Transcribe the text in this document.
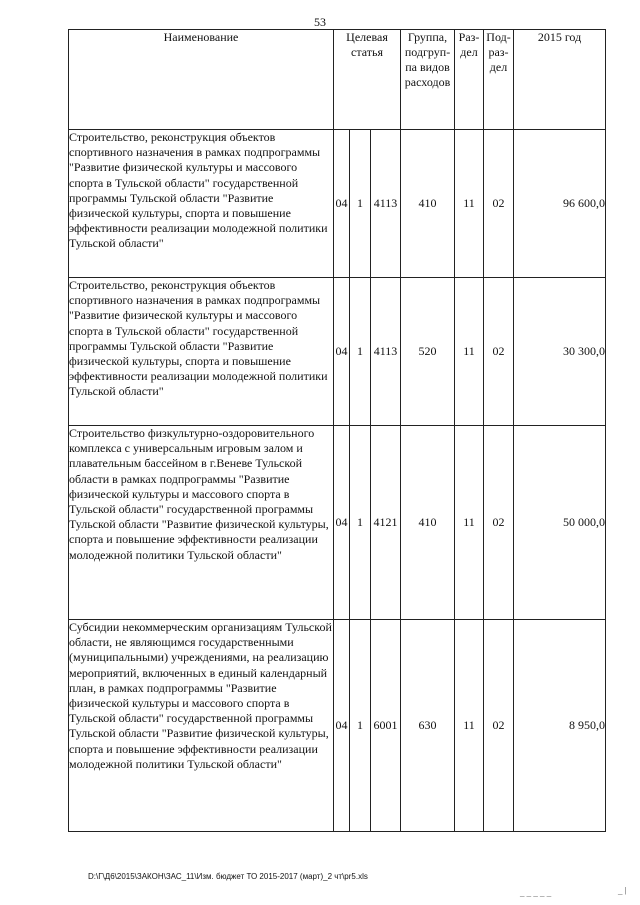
53
Наименование	Целевая статья			Группа, подгруп-па видов расходов	Раз-дел	Под-раз-дел	2015 год
Строительство, реконструкция объектов спортивного назначения в рамках подпрограммы "Развитие физической культуры и массового спорта в Тульской области" государственной программы Тульской области "Развитие физической культуры, спорта и повышение эффективности реализации молодежной политики Тульской области"	04	1	4113	410	11	02	96 600,0
Строительство, реконструкция объектов спортивного назначения в рамках подпрограммы "Развитие физической культуры и массового спорта в Тульской области" государственной программы Тульской области "Развитие физической культуры, спорта и повышение эффективности реализации молодежной политики Тульской области"	04	1	4113	520	11	02	30 300,0
Строительство физкультурно-оздоровительного комплекса с универсальным игровым залом и плавательным бассейном в г.Веневе Тульской области в рамках подпрограммы "Развитие физической культуры и массового спорта в Тульской области" государственной программы Тульской области "Развитие физической культуры, спорта и повышение эффективности реализации молодежной политики Тульской области"	04	1	4121	410	11	02	50 000,0
Субсидии некоммерческим организациям Тульской области, не являющимся государственными (муниципальными) учреждениями, на реализацию мероприятий, включенных в единый календарный план, в рамках подпрограммы "Развитие физической культуры и массового спорта в Тульской области" государственной программы Тульской области "Развитие физической культуры, спорта и повышение эффективности реализации молодежной политики Тульской области"	04	1	6001	630	11	02	8 950,0
D:\Г\Д6\2015\ЗАКОН\ЗАС_11\Изм. бюджет ТО 2015-2017 (март)_2 чт\pr5.xls
_ _ _ _ _	_ |
